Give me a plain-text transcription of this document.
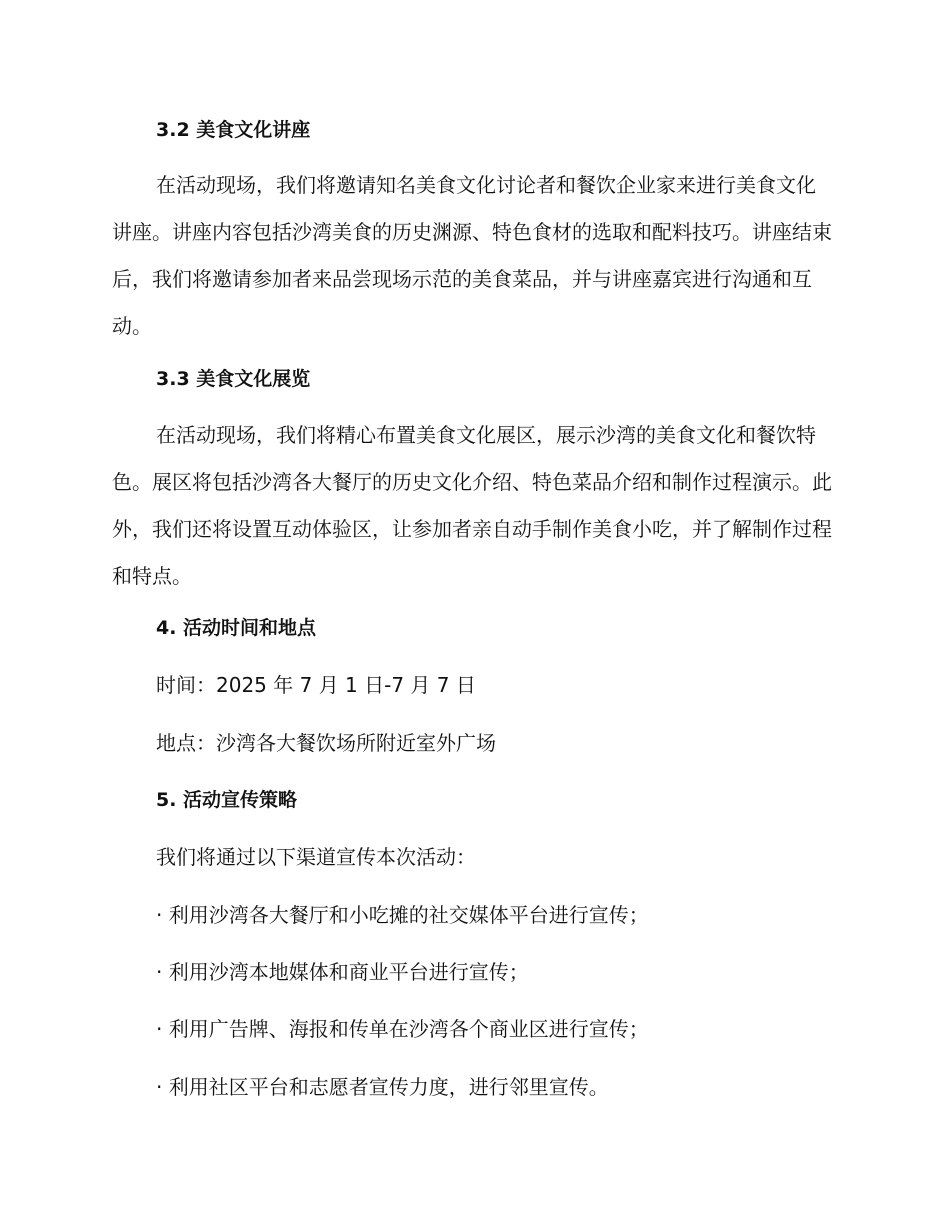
3.2 美食文化讲座

在活动现场，我们将邀请知名美食文化讨论者和餐饮企业家来进行美食文化讲座。讲座内容包括沙湾美食的历史渊源、特色食材的选取和配料技巧。讲座结束后，我们将邀请参加者来品尝现场示范的美食菜品，并与讲座嘉宾进行沟通和互动。

3.3 美食文化展览

在活动现场，我们将精心布置美食文化展区，展示沙湾的美食文化和餐饮特色。展区将包括沙湾各大餐厅的历史文化介绍、特色菜品介绍和制作过程演示。此外，我们还将设置互动体验区，让参加者亲自动手制作美食小吃，并了解制作过程和特点。

4. 活动时间和地点
时间：2025 年 7 月 1 日-7 月 7 日
地点：沙湾各大餐饮场所附近室外广场
5. 活动宣传策略
我们将通过以下渠道宣传本次活动：
· 利用沙湾各大餐厅和小吃摊的社交媒体平台进行宣传；
· 利用沙湾本地媒体和商业平台进行宣传；
· 利用广告牌、海报和传单在沙湾各个商业区进行宣传；
· 利用社区平台和志愿者宣传力度，进行邻里宣传。
